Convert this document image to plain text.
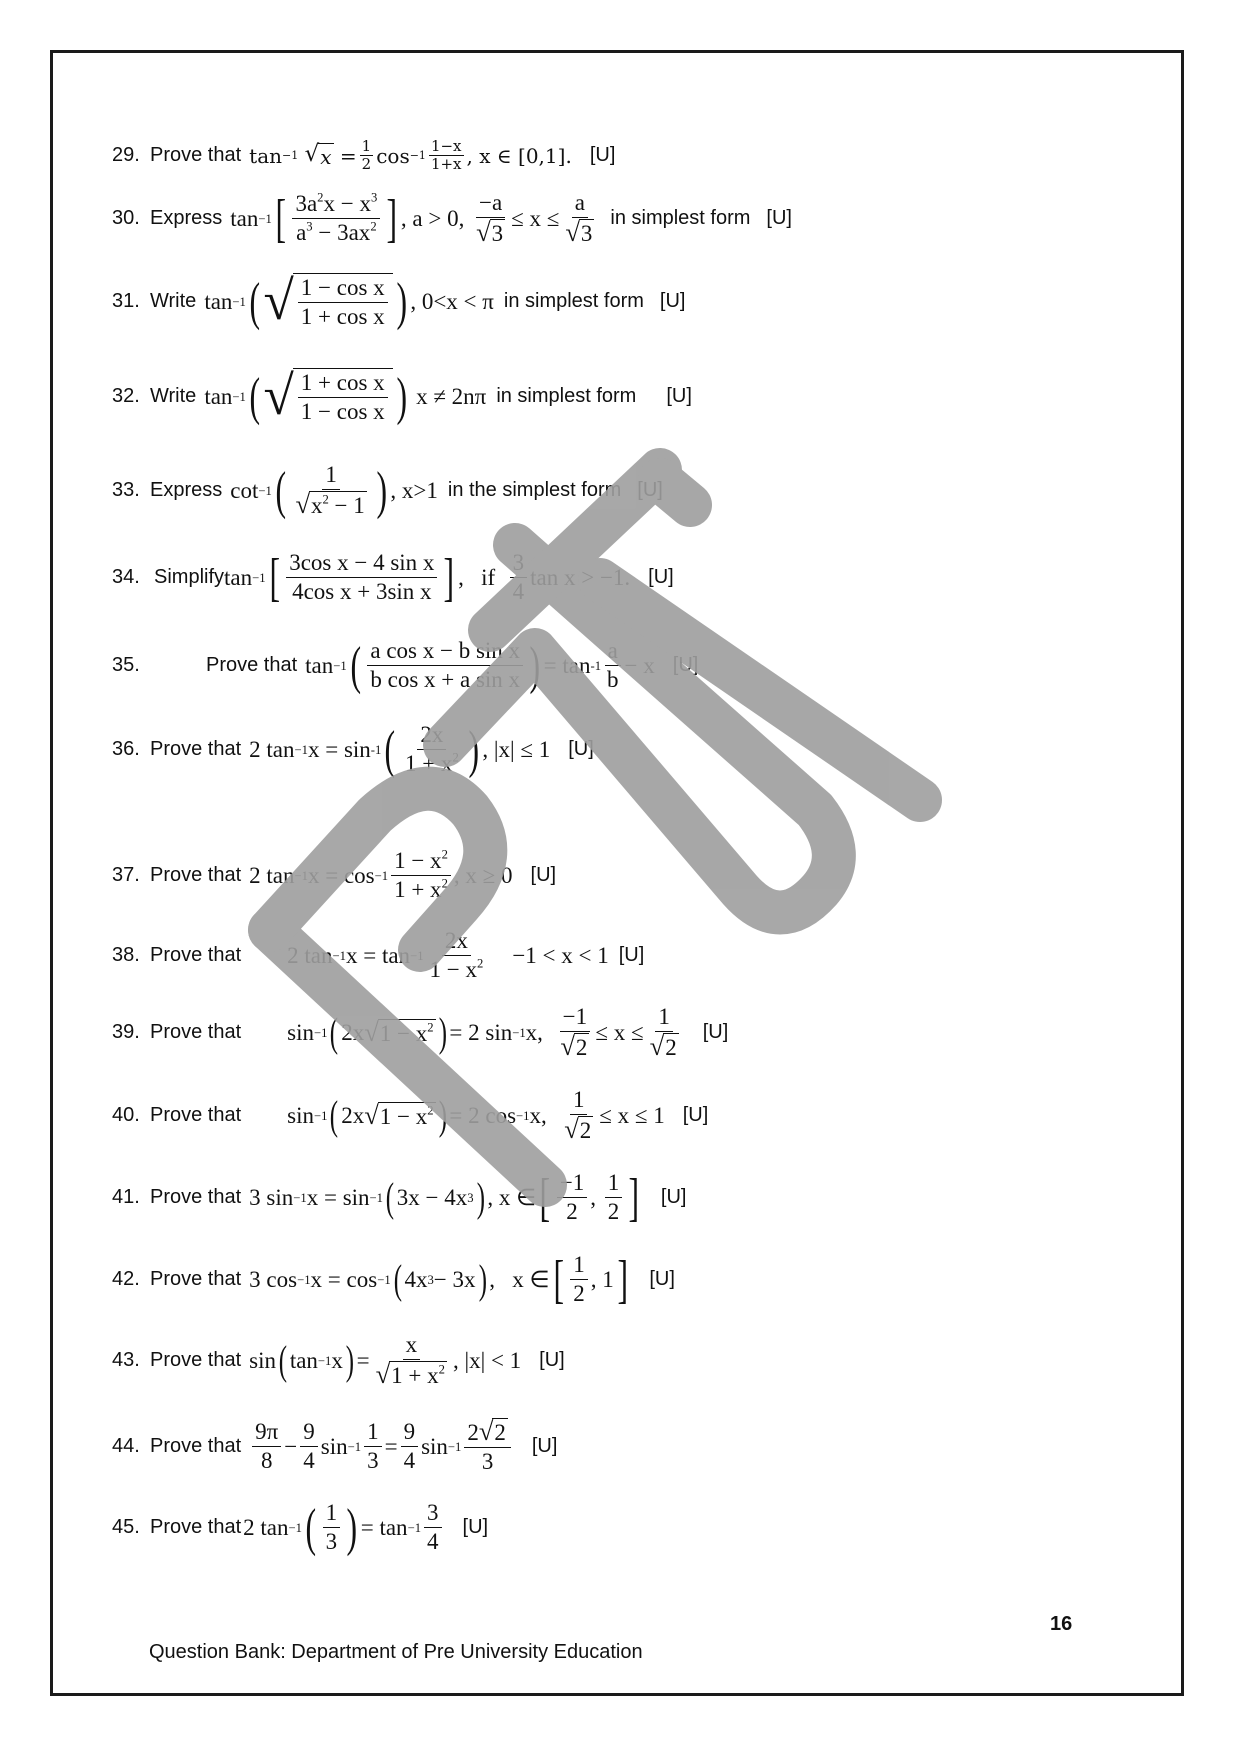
29. Prove that tan −1
√ x
= $\frac{1}{2}$ $\cos -1 \frac{1-x}{1+x}$ , x ∈ [0,1]. [U]
30. Express tan −1 [ $\frac{3a^2x - x^3}{a^3 - 3ax^2}$ ] , a > 0,
$\frac{-a}{√ 3} \le x \le \frac{a}{√ 3}$ in simplest form [U]
31. Write tan −1 ( √ $\frac{\text{1 − cos x}}{\text{1 + cos x}}$ ) , 0<x < π in simplest form [U]
32. Write tan −1 ( √ $\frac{\text{1 + cos x}}{\text{1 − cos x}}$ )
x ≠ 2nπ in simplest form [U]
33. Express cot −1 ( $\frac{1}{√ x^2 - 1}$ ) , x>1 in the simplest form [U]
34. Simplify tan −1 [ $\frac{\text{3cos x − 4 sin x}}{\text{4cos x + 3sin x}}$ ] ,   if
$\frac{3}{4}$ tan x > −1. [U]
35.	Prove that tan −1 ( $\frac{\text{a cos x − b sin x}}{\text{b cos x + a sin x}}$ ) = $\tan -1 \frac{a}{b} - x$ [U]
36. Prove that 2 tan −1 x = sin -1 ( $\frac{2x}{1 + x^2}$ ) , |x| ≤ 1 [U]
37. Prove that 2 tan −1 $x = \cos -1 \frac{1 - x^2}{1 + x^2}$ , x ≥ 0 [U]
38. Prove that 2 tan −1 $x = \tan -1 \frac{2x}{1 - x^2}$
−1 < x < 1 [U]
39. Prove that sin −1 ( 2x √ $1 - x^2$ ) = 2 sin −1 x,
$\frac{-1}{√ 2} \le x \le \frac{1}{√ 2} [U]$
40. Prove that sin −1 ( 2x √ $1 - x^2$ ) = 2 cos −1 x,
$\frac{1}{√ 2} \le x \le 1$ [U]
41. Prove that 3 sin −1 x = sin −1 ( 3x − 4x 3 ) , x ∈ [ $\frac{-1}{2}$ , $\frac{1}{2}$ ] [U]
42. Prove that 3 cos −1 x = cos −1 ( 4x 3 − 3x ) ,   x ∈ [ $\frac{1}{2}$ , 1 ] [U]
43. Prove that sin ( tan −1 x ) = $\frac{x}{√ 1 + x^2}$ , |x| < 1 [U]
44. Prove that $\frac{9\pi}{8} - \frac{9}{4}$ $\sin -1 \frac{1}{3} = \frac{9}{4}$ $\sin -1 \frac{2 √ 2}{3} [U]$
45. Prove that 2 tan −1 ( $\frac{1}{3}$ ) = $\tan -1 \frac{3}{4} [U]$
16
Question Bank: Department of Pre University Education
